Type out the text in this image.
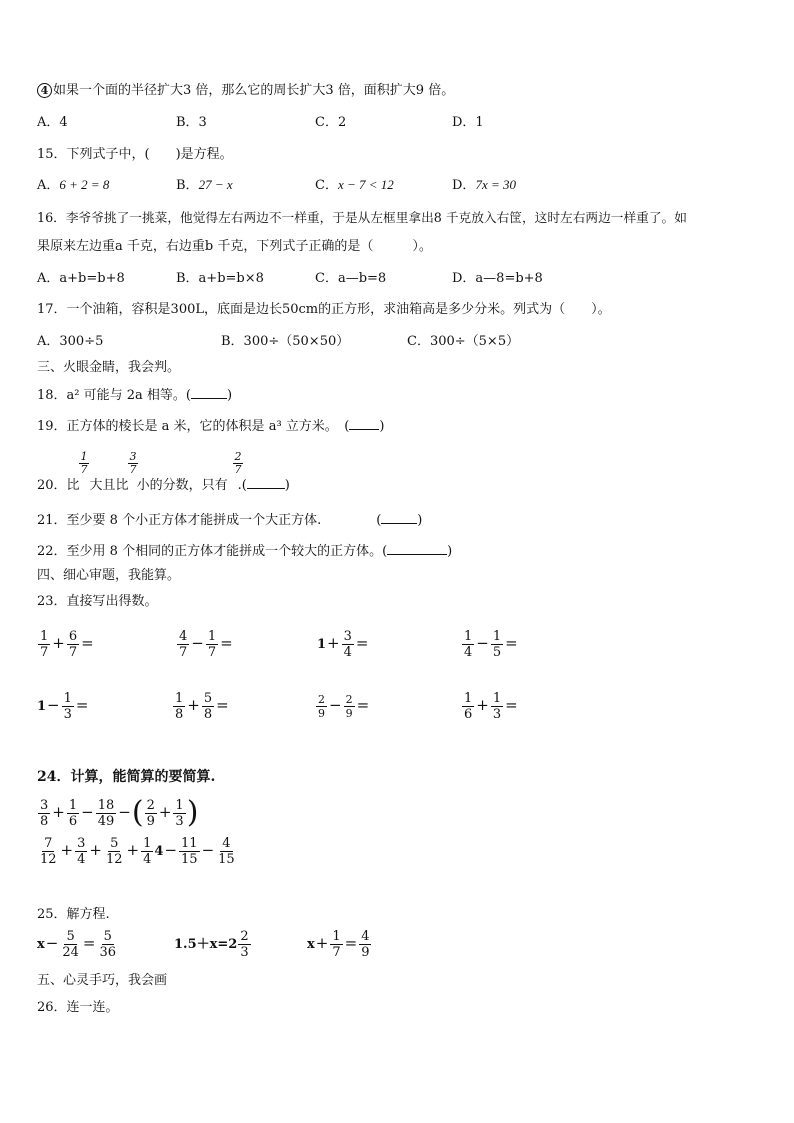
4 如果一个面的半径扩大3 倍，那么它的周长扩大3 倍，面积扩大9 倍。
A．4	B．3	C．2	D．1
15．下列式子中，(　　)是方程。
A．6 + 2 = 8	B．27 − x	C．x − 7 < 12	D．7x = 30
16．李爷爷挑了一挑菜，他觉得左右两边不一样重，于是从左框里拿出8 千克放入右筐，这时左右两边一样重了。如
果原来左边重a 千克，右边重b 千克，下列式子正确的是（　　　）。
A．a+b=b+8	B．a+b=b×8	C．a—b=8	D．a—8=b+8
17．一个油箱，容积是300L，底面是边长50cm的正方形，求油箱高是多少分米。列式为（　　）。
A．300÷5	B．300÷（50×50）	C．300÷（5×5）
三、火眼金睛，我会判。
18．a² 可能与 2a 相等。(	)
19．正方体的棱长是 a 米，它的体积是 a³ 立方米。　( )
1
7
3
7
2
7
20．比 大且比 小的分数，只有 .(	)
21．至少要 8 个小正方体才能拼成一个大正方体.	(	)
22．至少用 8 个相同的正方体才能拼成一个较大的正方体。(	)
四、细心审题，我能算。
23．直接写出得数。
$\frac{1}{7} + \frac{6}{7}$ =	$\frac{4}{7} - \frac{1}{7}$ =	$1+ \frac{3}{4}$ =	$\frac{1}{4} - \frac{1}{5}$ =
$1- \frac{1}{3}$ =	$\frac{1}{8} + \frac{5}{8}$ =	$\frac{2}{9} - \frac{2}{9}$ =	$\frac{1}{6} + \frac{1}{3}$ =
24．计算，能简算的要简算.
$\frac{3}{8} + \frac{1}{6} - \frac{18}{49}$ −( $\frac{2}{9} + \frac{1}{3}$ )
$\frac{7}{12} + \frac{3}{4} + \frac{5}{12} + \frac{1}{4} 4- \frac{11}{15} - \frac{4}{15}$
25．解方程.
$x- \frac{5}{24} = \frac{5}{36}$	$1.5+x=2 \frac{2}{3}$	$x+ \frac{1}{7} = \frac{4}{9}$
五、心灵手巧，我会画
26．连一连。
